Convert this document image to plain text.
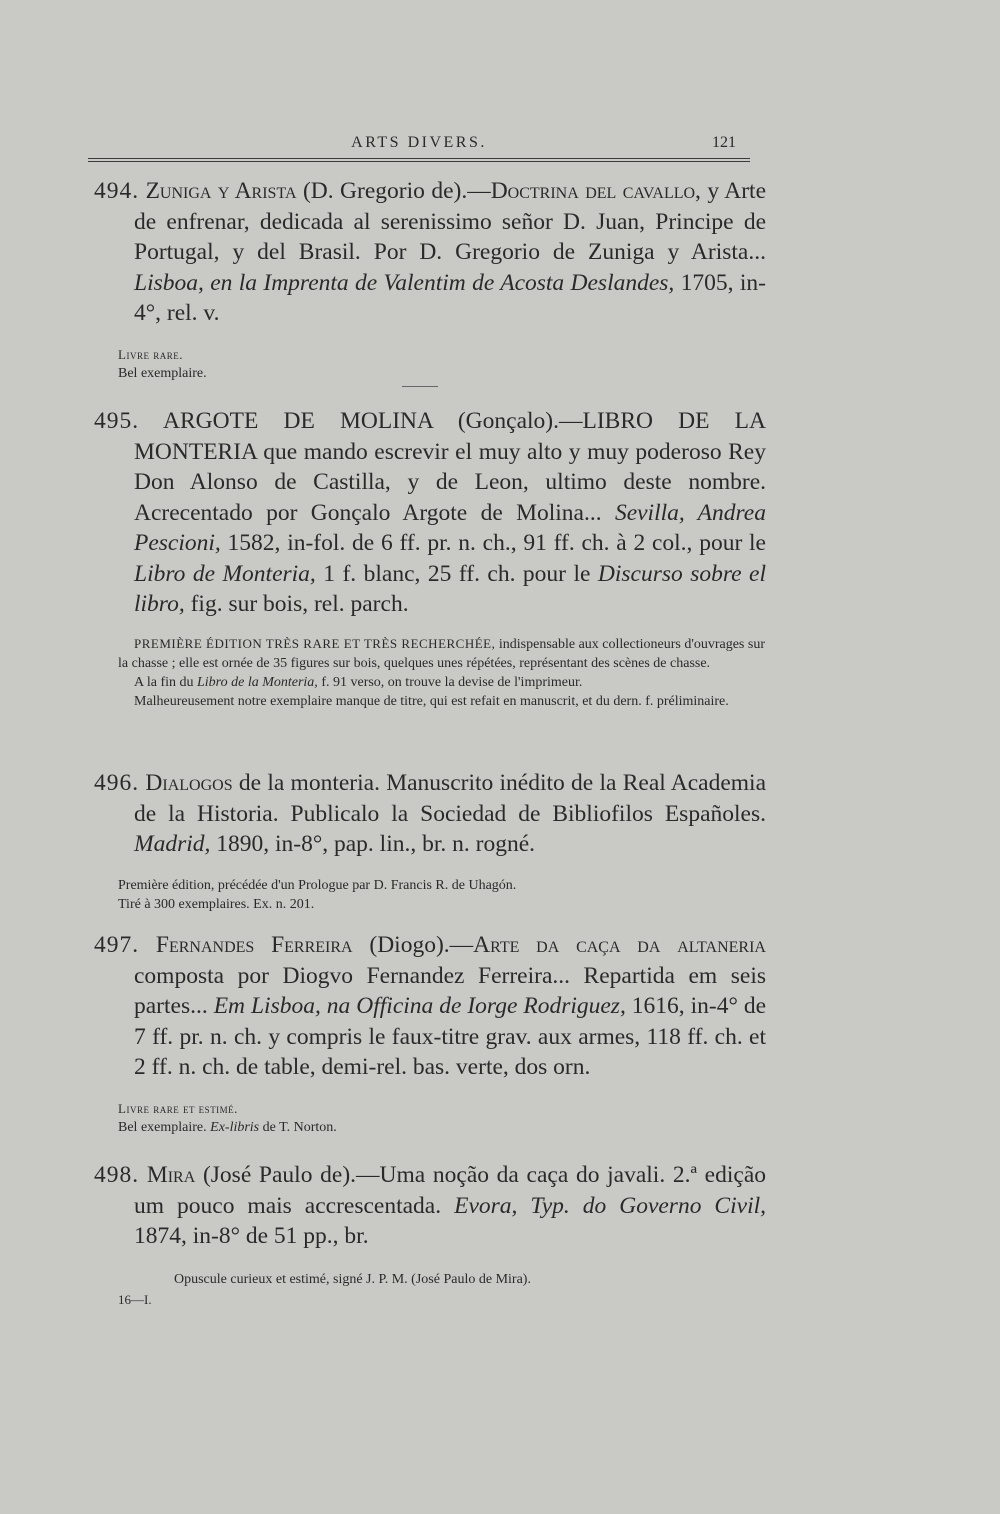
ARTS DIVERS.	121

494. Zuniga y Arista (D. Gregorio de).—Doctrina del cavallo, y Arte de enfrenar, dedicada al serenissimo señor D. Juan, Principe de Portugal, y del Brasil. Por D. Gregorio de Zuniga y Arista... Lisboa, en la Imprenta de Valentim de Acosta Deslandes, 1705, in-4°, rel. v.

Livre rare.

Bel exemplaire.

495. ARGOTE DE MOLINA (Gonçalo).—LIBRO DE LA MONTERIA que mando escrevir el muy alto y muy poderoso Rey Don Alonso de Castilla, y de Leon, ultimo deste nombre. Acrecentado por Gonçalo Argote de Molina... Sevilla, Andrea Pescioni, 1582, in-fol. de 6 ff. pr. n. ch., 91 ff. ch. à 2 col., pour le Libro de Monteria, 1 f. blanc, 25 ff. ch. pour le Discurso sobre el libro, fig. sur bois, rel. parch.

PREMIÈRE ÉDITION TRÈS RARE ET TRÈS RECHERCHÉE, indispensable aux collectioneurs d'ouvrages sur la chasse ; elle est ornée de 35 figures sur bois, quelques unes répétées, représentant des scènes de chasse.

A la fin du Libro de la Monteria, f. 91 verso, on trouve la devise de l'imprimeur.

Malheureusement notre exemplaire manque de titre, qui est refait en manuscrit, et du dern. f. préliminaire.

496. Dialogos de la monteria. Manuscrito inédito de la Real Academia de la Historia. Publicalo la Sociedad de Bibliofilos Españoles. Madrid, 1890, in-8°, pap. lin., br. n. rogné.

Première édition, précédée d'un Prologue par D. Francis R. de Uhagón.

Tiré à 300 exemplaires. Ex. n. 201.

497. Fernandes Ferreira (Diogo).—Arte da caça da altaneria composta por Diogvo Fernandez Ferreira... Repartida em seis partes... Em Lisboa, na Officina de Iorge Rodriguez, 1616, in-4° de 7 ff. pr. n. ch. y compris le faux-titre grav. aux armes, 118 ff. ch. et 2 ff. n. ch. de table, demi-rel. bas. verte, dos orn.

Livre rare et estimé.

Bel exemplaire. Ex-libris de T. Norton.

498. Mira (José Paulo de).—Uma noção da caça do javali. 2.ª edição um pouco mais accrescentada. Evora, Typ. do Governo Civil, 1874, in-8° de 51 pp., br.

Opuscule curieux et estimé, signé J. P. M. (José Paulo de Mira).

16—I.
